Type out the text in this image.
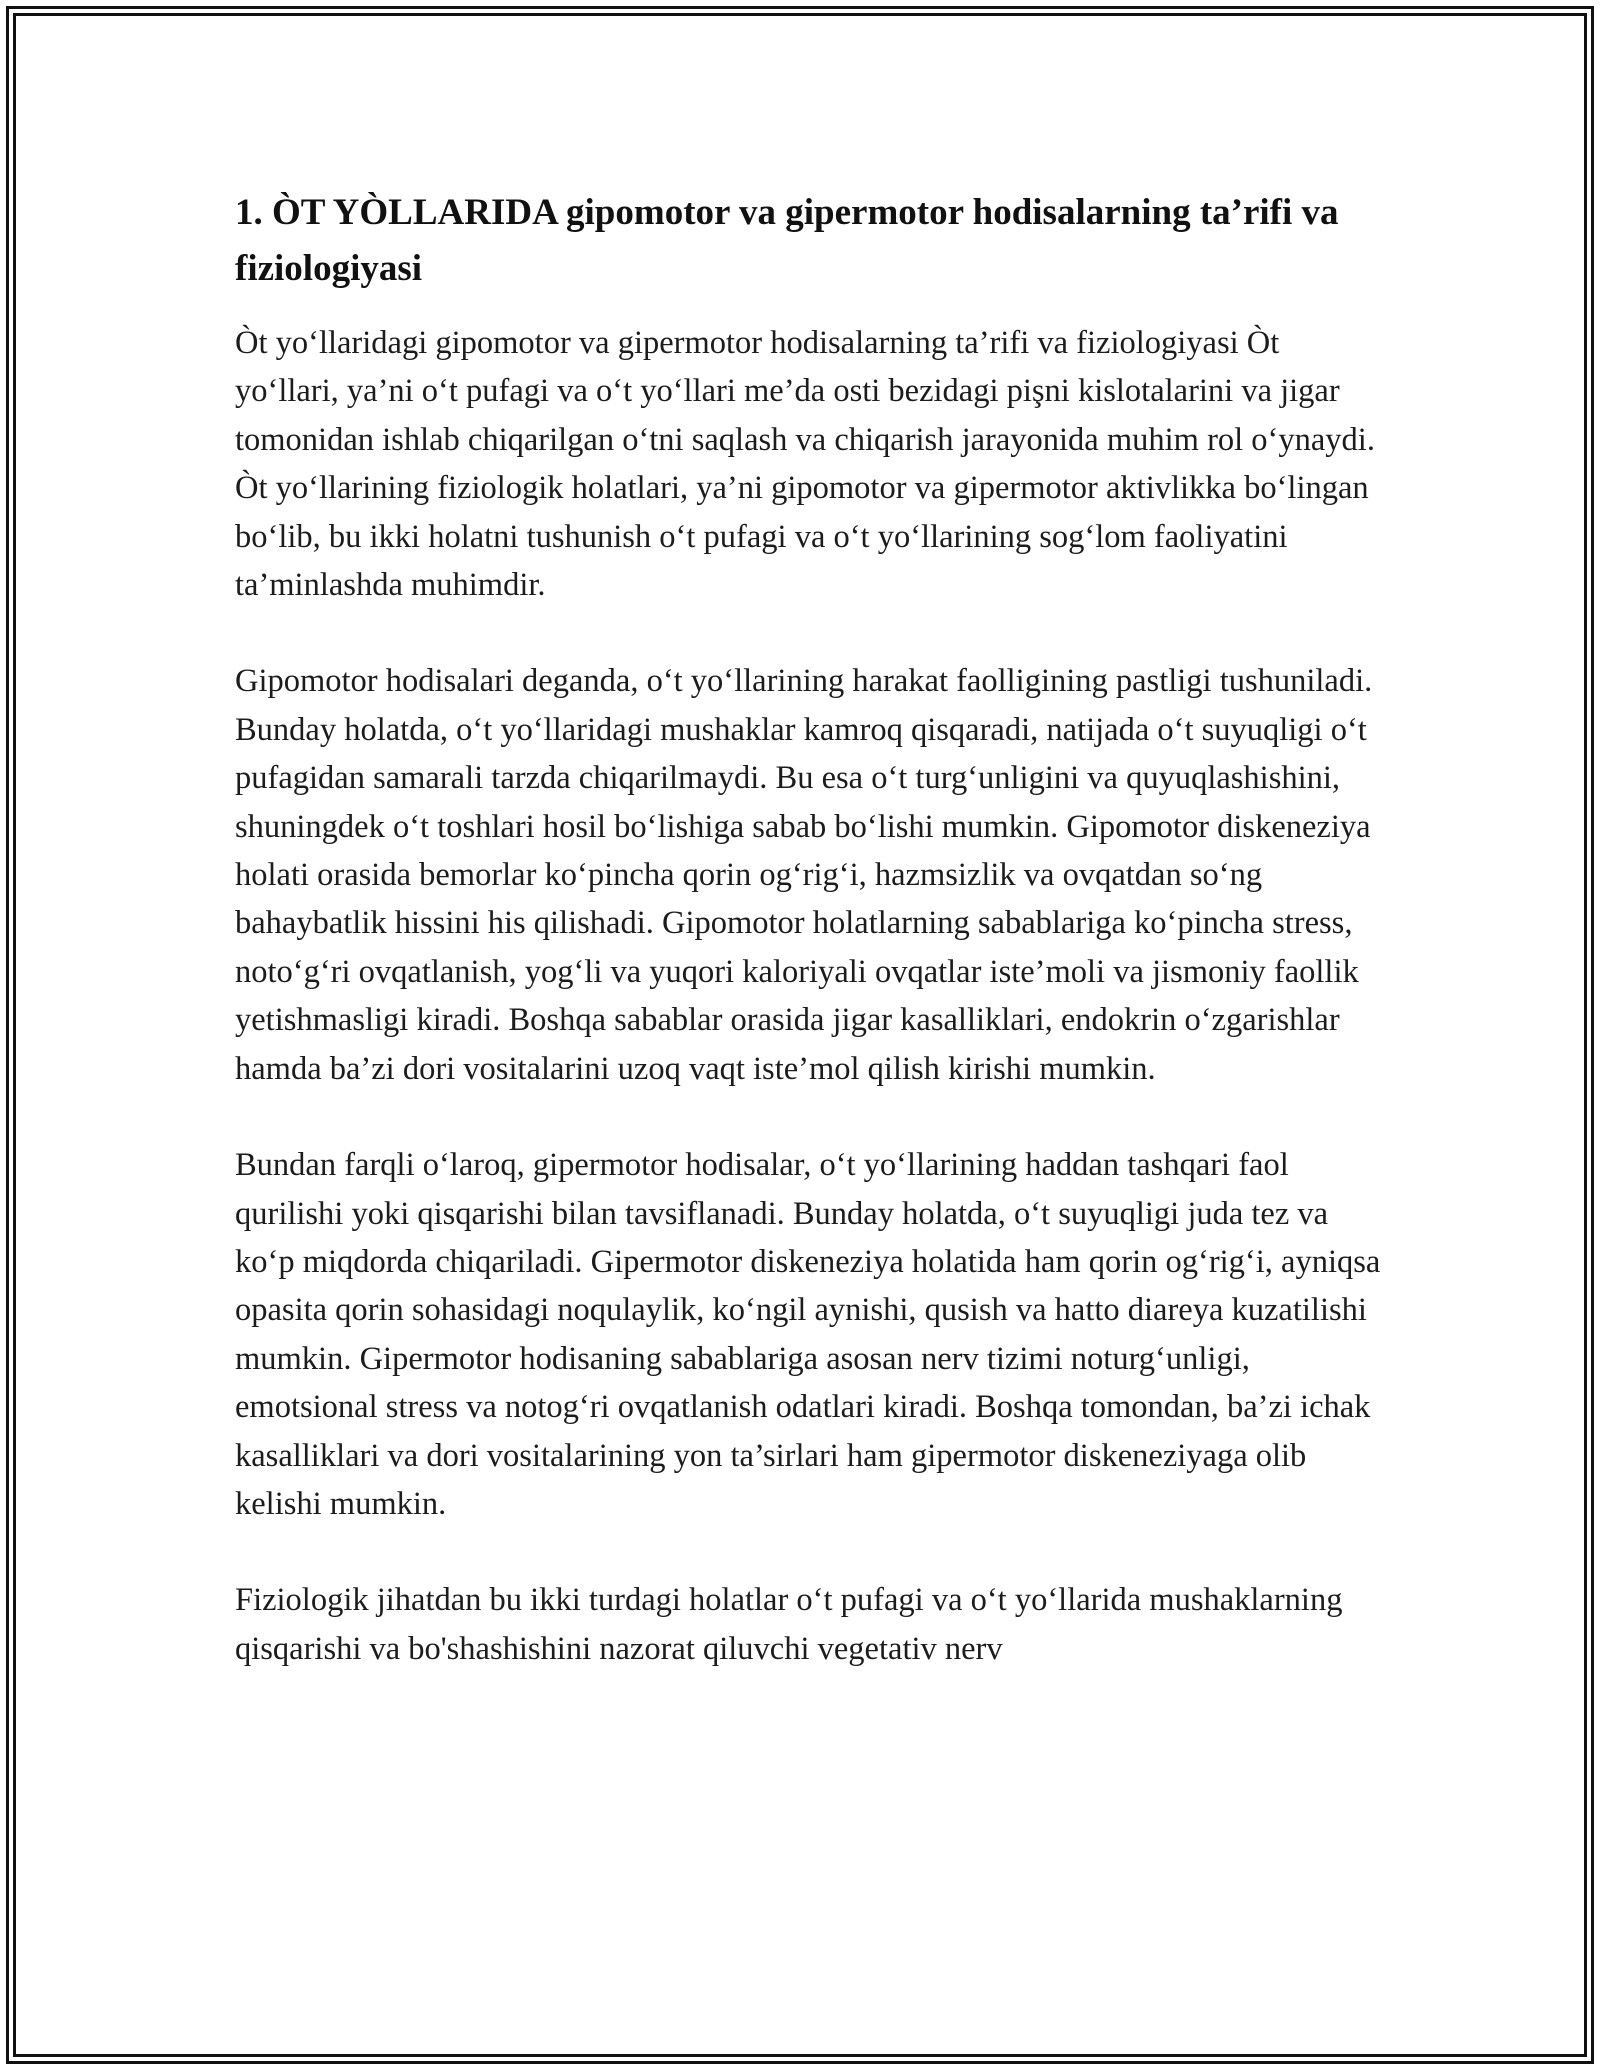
1. ÒT YÒLLARIDA gipomotor va gipermotor hodisalarning ta’rifi va fiziologiyasi

Òt yo‘llaridagi gipomotor va gipermotor hodisalarning ta’rifi va fiziologiyasi Òt yo‘llari, ya’ni o‘t pufagi va o‘t yo‘llari me’da osti bezidagi pişni kislotalarini va jigar tomonidan ishlab chiqarilgan o‘tni saqlash va chiqarish jarayonida muhim rol o‘ynaydi. Òt yo‘llarining fiziologik holatlari, ya’ni gipomotor va gipermotor aktivlikka bo‘lingan bo‘lib, bu ikki holatni tushunish o‘t pufagi va o‘t yo‘llarining sog‘lom faoliyatini ta’minlashda muhimdir.

Gipomotor hodisalari deganda, o‘t yo‘llarining harakat faolligining pastligi tushuniladi. Bunday holatda, o‘t yo‘llaridagi mushaklar kamroq qisqaradi, natijada o‘t suyuqligi o‘t pufagidan samarali tarzda chiqarilmaydi. Bu esa o‘t turg‘unligini va quyuqlashishini, shuningdek o‘t toshlari hosil bo‘lishiga sabab bo‘lishi mumkin. Gipomotor diskeneziya holati orasida bemorlar ko‘pincha qorin og‘rig‘i, hazmsizlik va ovqatdan so‘ng bahaybatlik hissini his qilishadi. Gipomotor holatlarning sabablariga ko‘pincha stress, noto‘g‘ri ovqatlanish, yog‘li va yuqori kaloriyali ovqatlar iste’moli va jismoniy faollik yetishmasligi kiradi. Boshqa sabablar orasida jigar kasalliklari, endokrin o‘zgarishlar hamda ba’zi dori vositalarini uzoq vaqt iste’mol qilish kirishi mumkin.

Bundan farqli o‘laroq, gipermotor hodisalar, o‘t yo‘llarining haddan tashqari faol qurilishi yoki qisqarishi bilan tavsiflanadi. Bunday holatda, o‘t suyuqligi juda tez va ko‘p miqdorda chiqariladi. Gipermotor diskeneziya holatida ham qorin og‘rig‘i, ayniqsa opasita qorin sohasidagi noqulaylik, ko‘ngil aynishi, qusish va hatto diareya kuzatilishi mumkin. Gipermotor hodisaning sabablariga asosan nerv tizimi noturg‘unligi, emotsional stress va notog‘ri ovqatlanish odatlari kiradi. Boshqa tomondan, ba’zi ichak kasalliklari va dori vositalarining yon ta’sirlari ham gipermotor diskeneziyaga olib kelishi mumkin.

Fiziologik jihatdan bu ikki turdagi holatlar o‘t pufagi va o‘t yo‘llarida mushaklarning qisqarishi va bo'shashishini nazorat qiluvchi vegetativ nerv
